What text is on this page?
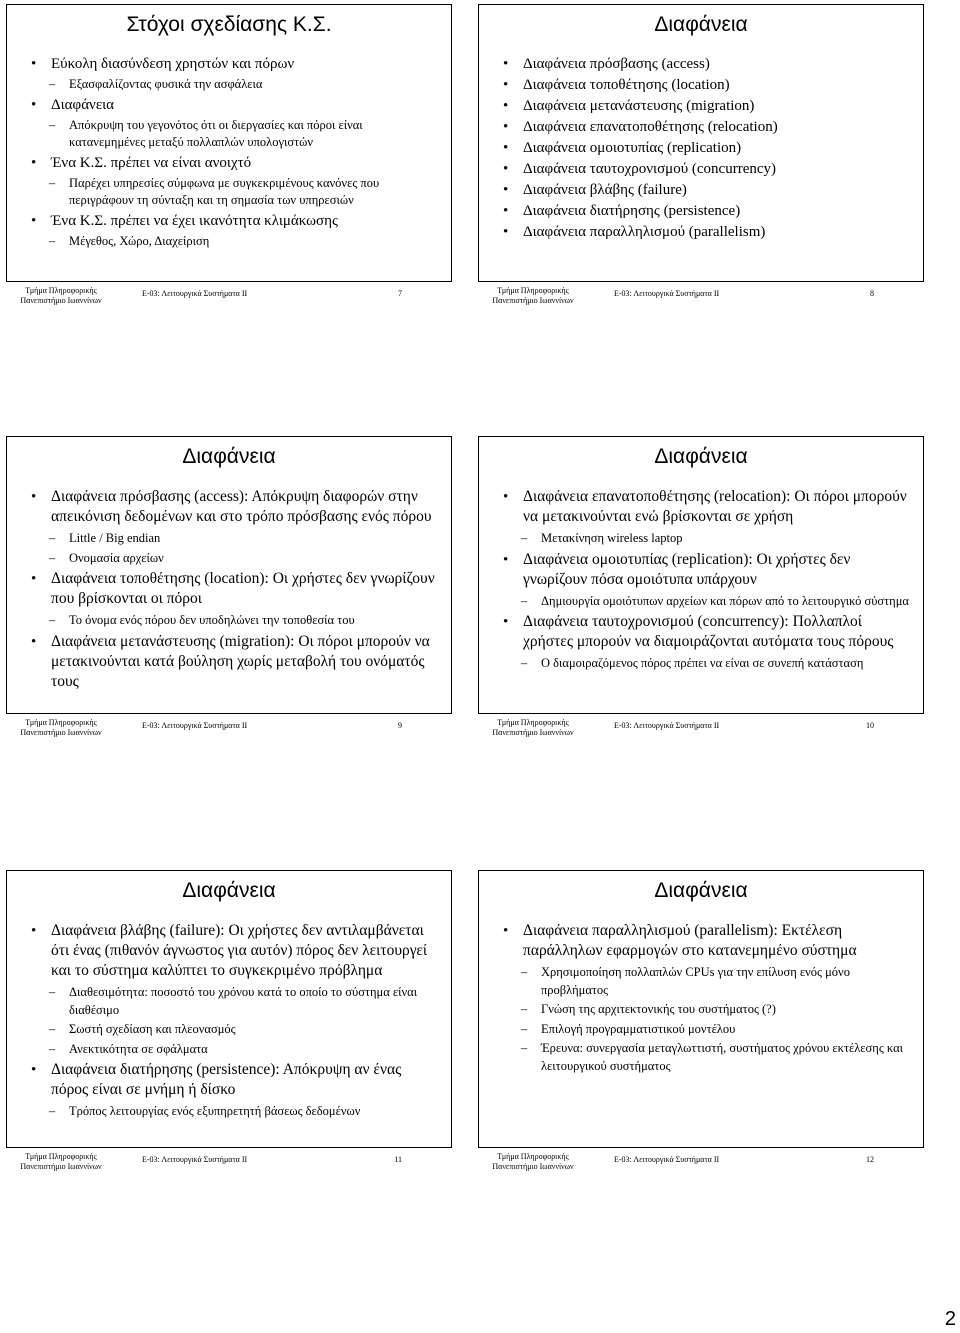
Στόχοι σχεδίασης Κ.Σ.
• Εύκολη διασύνδεση χρηστών και πόρων
– Εξασφαλίζοντας φυσικά την ασφάλεια
• Διαφάνεια
– Απόκρυψη του γεγονότος ότι οι διεργασίες και πόροι είναι κατανεμημένες μεταξύ πολλαπλών υπολογιστών
• Ένα Κ.Σ. πρέπει να είναι ανοιχτό
– Παρέχει υπηρεσίες σύμφωνα με συγκεκριμένους κανόνες που περιγράφουν τη σύνταξη και τη σημασία των υπηρεσιών
• Ένα Κ.Σ. πρέπει να έχει ικανότητα κλιμάκωσης
– Μέγεθος, Χώρο, Διαχείριση
Τμήμα Πληροφορικής
Πανεπιστήμιο Ιωαννίνων
Ε-03: Λειτουργικά Συστήματα ΙΙ	7
Διαφάνεια
• Διαφάνεια πρόσβασης (access)
• Διαφάνεια τοποθέτησης (location)
• Διαφάνεια μετανάστευσης (migration)
• Διαφάνεια επανατοποθέτησης (relocation)
• Διαφάνεια ομοιοτυπίας (replication)
• Διαφάνεια ταυτοχρονισμού (concurrency)
• Διαφάνεια βλάβης (failure)
• Διαφάνεια διατήρησης (persistence)
• Διαφάνεια παραλληλισμού (parallelism)
Τμήμα Πληροφορικής
Πανεπιστήμιο Ιωαννίνων
Ε-03: Λειτουργικά Συστήματα ΙΙ	8
Διαφάνεια
• Διαφάνεια πρόσβασης (access): Απόκρυψη διαφορών στην απεικόνιση δεδομένων και στο τρόπο πρόσβασης ενός πόρου
– Little / Big endian
– Ονομασία αρχείων
• Διαφάνεια τοποθέτησης (location): Οι χρήστες δεν γνωρίζουν που βρίσκονται οι πόροι
– Το όνομα ενός πόρου δεν υποδηλώνει την τοποθεσία του
• Διαφάνεια μετανάστευσης (migration): Οι πόροι μπορούν να μετακινούνται κατά βούληση χωρίς μεταβολή του ονόματός τους
Τμήμα Πληροφορικής
Πανεπιστήμιο Ιωαννίνων
Ε-03: Λειτουργικά Συστήματα ΙΙ	9
Διαφάνεια
• Διαφάνεια επανατοποθέτησης (relocation): Οι πόροι μπορούν να μετακινούνται ενώ βρίσκονται σε χρήση
– Μετακίνηση wireless laptop
• Διαφάνεια ομοιοτυπίας (replication): Οι χρήστες δεν γνωρίζουν πόσα ομοιότυπα υπάρχουν
– Δημιουργία ομοιότυπων αρχείων και πόρων από το λειτουργικό σύστημα
• Διαφάνεια ταυτοχρονισμού (concurrency): Πολλαπλοί χρήστες μπορούν να διαμοιράζονται αυτόματα τους πόρους
– Ο διαμοιραζόμενος πόρος πρέπει να είναι σε συνεπή κατάσταση
Τμήμα Πληροφορικής
Πανεπιστήμιο Ιωαννίνων
Ε-03: Λειτουργικά Συστήματα ΙΙ	10
Διαφάνεια
• Διαφάνεια βλάβης (failure): Οι χρήστες δεν αντιλαμβάνεται ότι ένας (πιθανόν άγνωστος για αυτόν) πόρος δεν λειτουργεί και το σύστημα καλύπτει το συγκεκριμένο πρόβλημα
– Διαθεσιμότητα: ποσοστό του χρόνου κατά το οποίο το σύστημα είναι διαθέσιμο
– Σωστή σχεδίαση και πλεονασμός
– Ανεκτικότητα σε σφάλματα
• Διαφάνεια διατήρησης (persistence): Απόκρυψη αν ένας πόρος είναι σε μνήμη ή δίσκο
– Τρόπος λειτουργίας ενός εξυπηρετητή βάσεως δεδομένων
Τμήμα Πληροφορικής
Πανεπιστήμιο Ιωαννίνων
Ε-03: Λειτουργικά Συστήματα ΙΙ	11
Διαφάνεια
• Διαφάνεια παραλληλισμού (parallelism): Εκτέλεση παράλληλων εφαρμογών στο κατανεμημένο σύστημα
– Χρησιμοποίηση πολλαπλών CPUs για την επίλυση ενός μόνο προβλήματος
– Γνώση της αρχιτεκτονικής του συστήματος (?)
– Επιλογή προγραμματιστικού μοντέλου
– Έρευνα: συνεργασία μεταγλωττιστή, συστήματος χρόνου εκτέλεσης και λειτουργικού συστήματος
Τμήμα Πληροφορικής
Πανεπιστήμιο Ιωαννίνων
Ε-03: Λειτουργικά Συστήματα ΙΙ	12
2
